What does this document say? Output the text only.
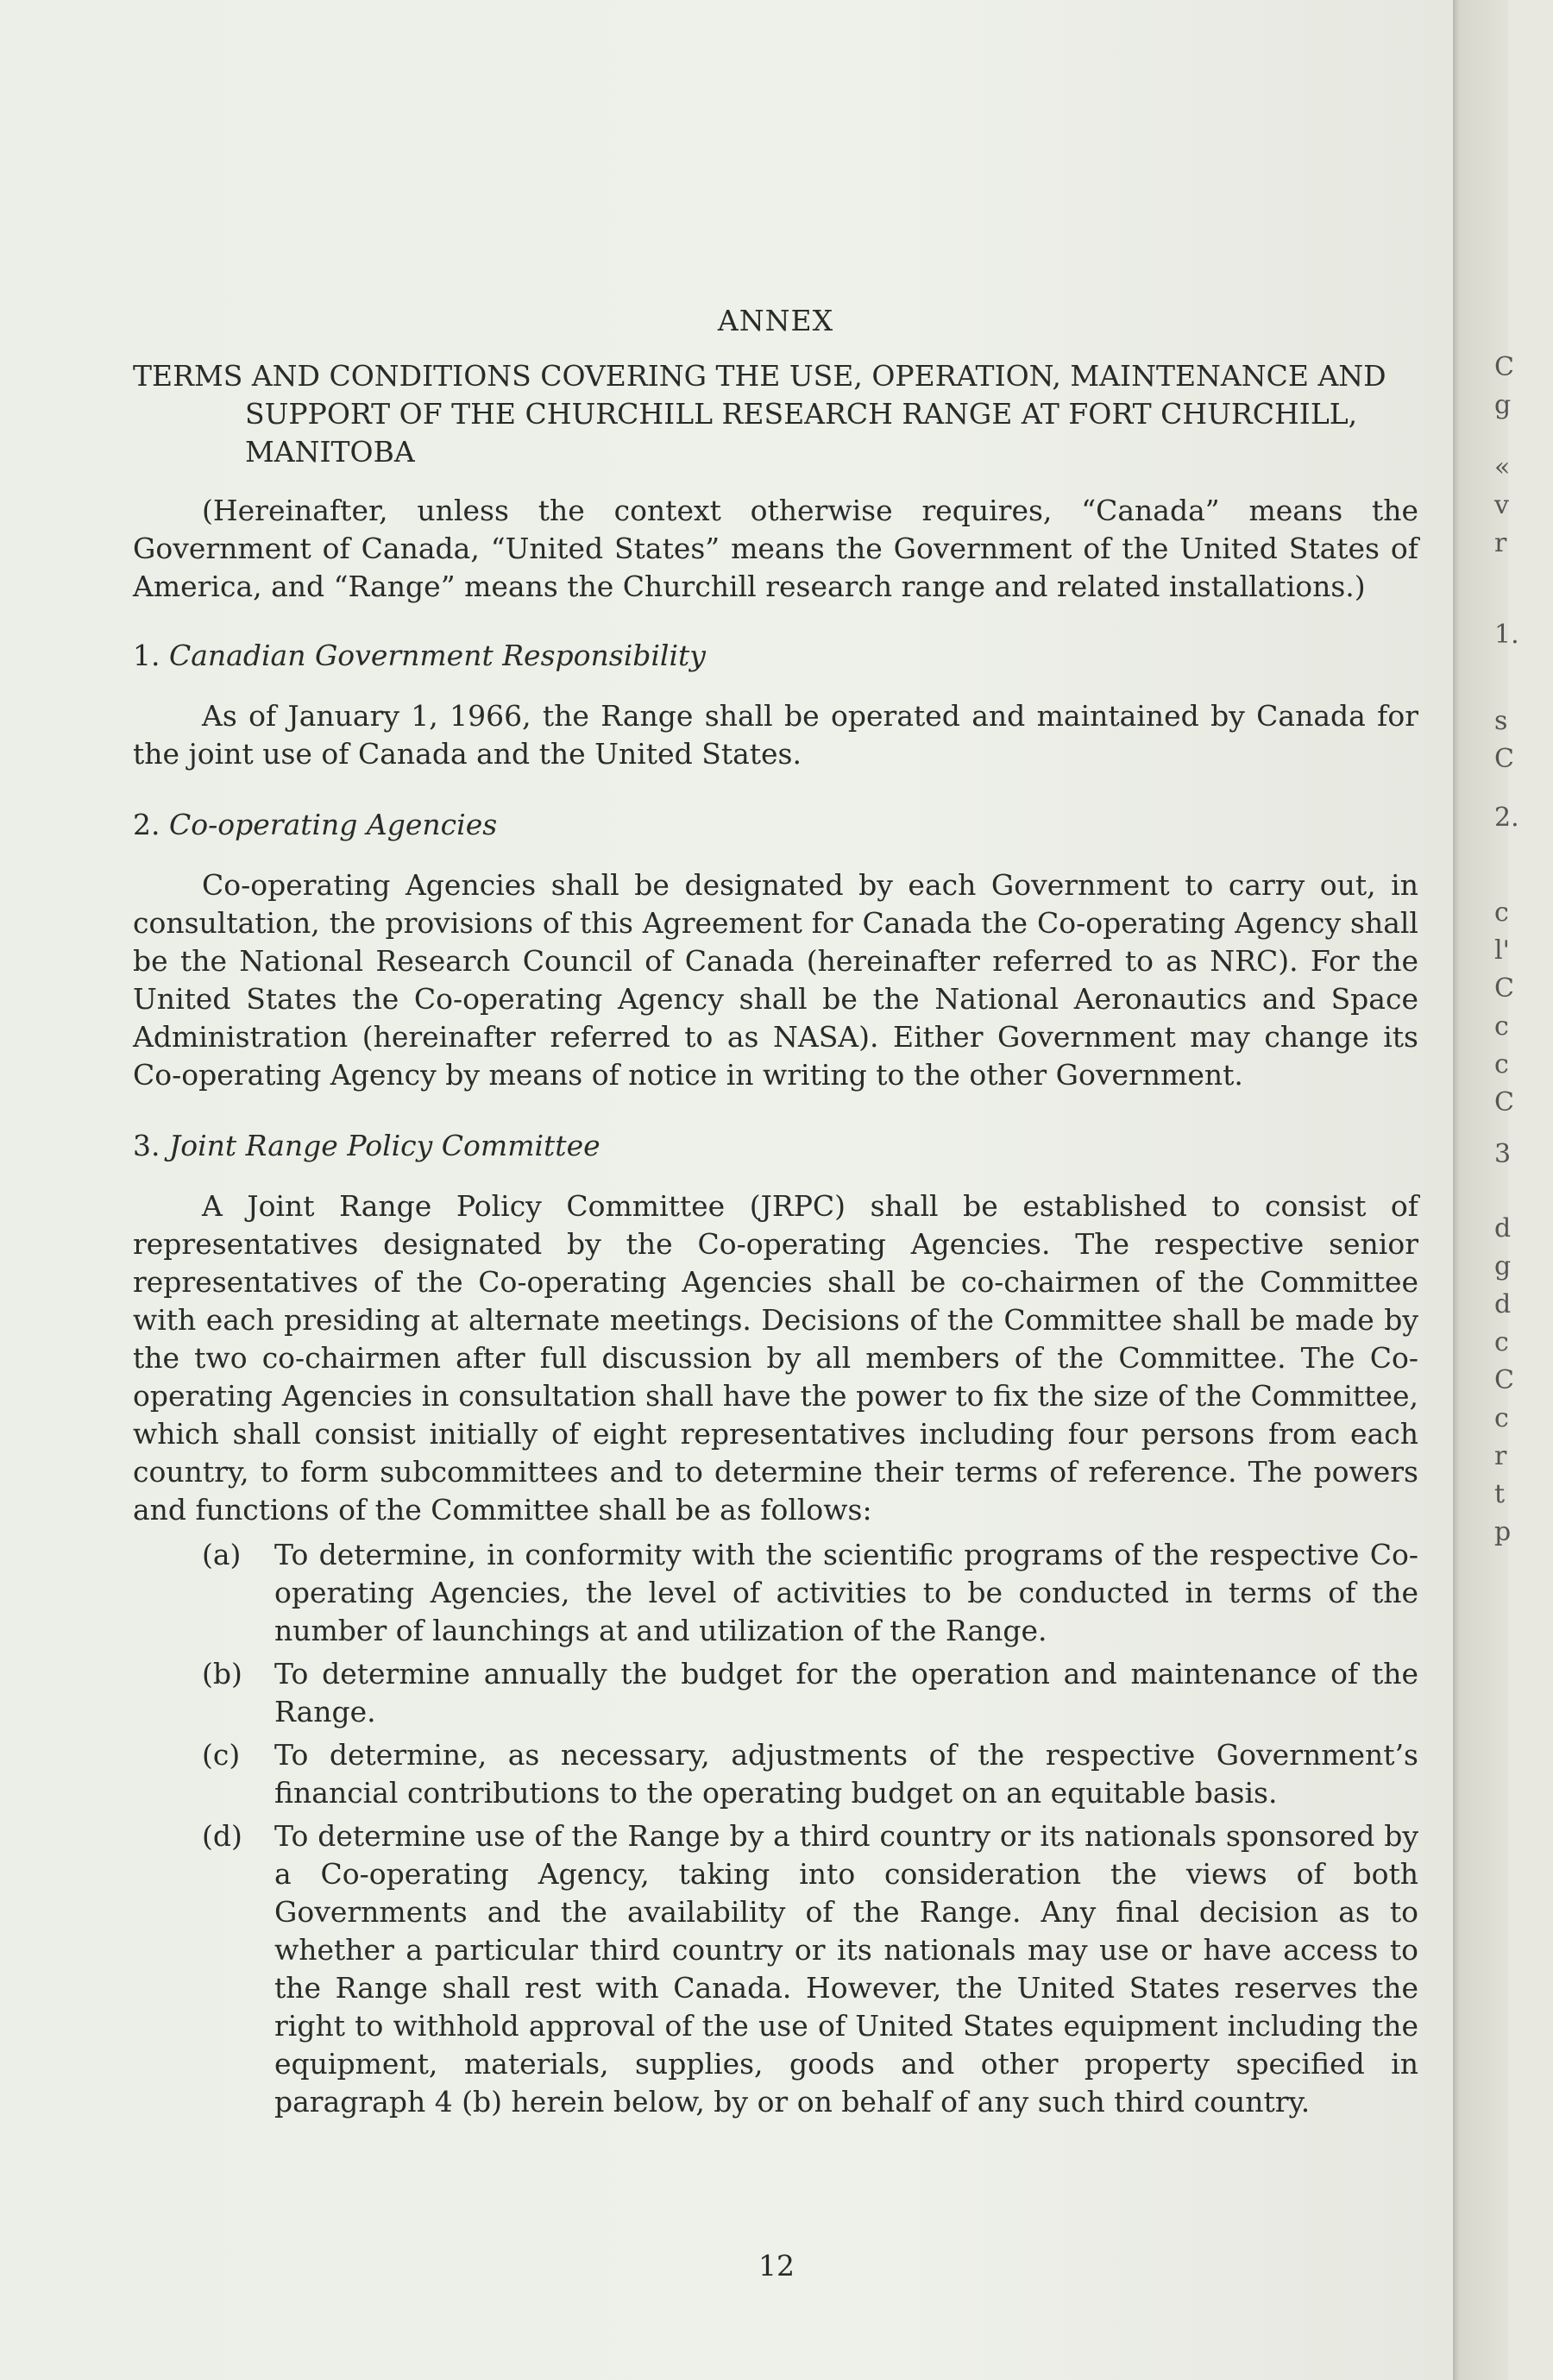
C
g
«
v
r
1.
s
C
2.
c
l'
C
c
c
C
3
d
g
d
c
C
c
r
t
p
ANNEX

TERMS AND CONDITIONS COVERING THE USE, OPERATION, MAINTENANCE AND SUPPORT OF THE CHURCHILL RESEARCH RANGE AT FORT CHURCHILL, MANITOBA

(Hereinafter, unless the context otherwise requires, “Canada” means the Government of Canada, “United States” means the Government of the United States of America, and “Range” means the Churchill research range and related installations.)

1. Canadian Government Responsibility

As of January 1, 1966, the Range shall be operated and maintained by Canada for the joint use of Canada and the United States.

2. Co-operating Agencies

Co-operating Agencies shall be designated by each Government to carry out, in consultation, the provisions of this Agreement for Canada the Co-operating Agency shall be the National Research Council of Canada (hereinafter referred to as NRC). For the United States the Co-operating Agency shall be the National Aeronautics and Space Administration (hereinafter referred to as NASA). Either Government may change its Co-operating Agency by means of notice in writing to the other Government.

3. Joint Range Policy Committee

A Joint Range Policy Committee (JRPC) shall be established to consist of representatives designated by the Co-operating Agencies. The respective senior representatives of the Co-operating Agencies shall be co-chairmen of the Committee with each presiding at alternate meetings. Decisions of the Committee shall be made by the two co-chairmen after full discussion by all members of the Committee. The Co-operating Agencies in consultation shall have the power to fix the size of the Committee, which shall consist initially of eight representatives including four persons from each country, to form subcommittees and to determine their terms of reference. The powers and functions of the Committee shall be as follows:

(a) To determine, in conformity with the scientific programs of the respective Co-operating Agencies, the level of activities to be conducted in terms of the number of launchings at and utilization of the Range.
(b) To determine annually the budget for the operation and maintenance of the Range.
(c) To determine, as necessary, adjustments of the respective Government’s financial contributions to the operating budget on an equitable basis.
(d) To determine use of the Range by a third country or its nationals sponsored by a Co-operating Agency, taking into consideration the views of both Governments and the availability of the Range. Any final decision as to whether a particular third country or its nationals may use or have access to the Range shall rest with Canada. However, the United States reserves the right to withhold approval of the use of United States equipment including the equipment, materials, supplies, goods and other property specified in paragraph 4 (b) herein below, by or on behalf of any such third country.
12
